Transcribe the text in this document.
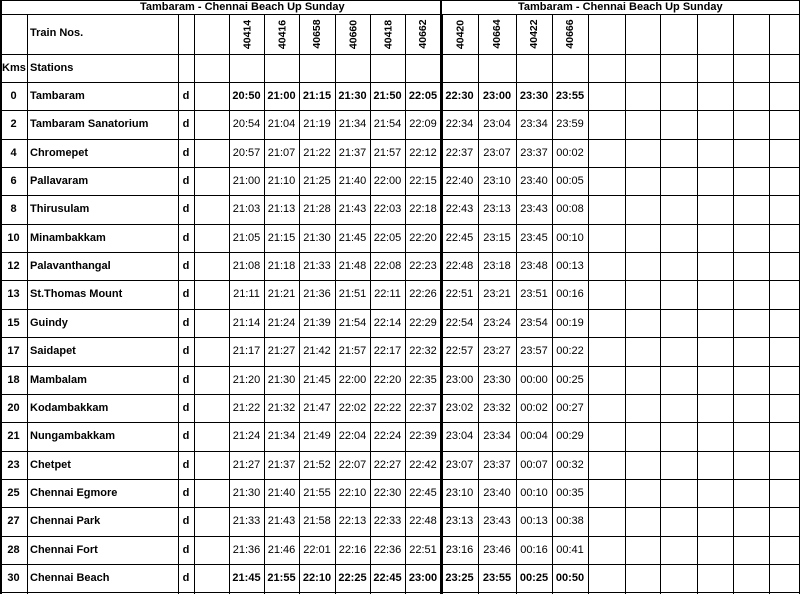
Tambaram - Chennai Beach Up Sunday	Tambaram - Chennai Beach Up Sunday
Train Nos.
Kms Stations
40414	40416	40658	40660	40418	40662	40420	40664	40422	40666
0	Tambaram	d	20:50 21:00 21:15 21:30 21:50 22:05 22:30 23:00 23:30 23:55
2	Tambaram Sanatorium	d	20:54 21:04 21:19 21:34 21:54 22:09 22:34 23:04 23:34 23:59
4	Chromepet	d	20:57 21:07 21:22 21:37 21:57 22:12 22:37 23:07 23:37 00:02
6	Pallavaram	d	21:00 21:10 21:25 21:40 22:00 22:15 22:40 23:10 23:40 00:05
8	Thirusulam	d	21:03 21:13 21:28 21:43 22:03 22:18 22:43 23:13 23:43 00:08
10 Minambakkam	d	21:05 21:15 21:30 21:45 22:05 22:20 22:45 23:15 23:45 00:10
12 Palavanthangal	d	21:08 21:18 21:33 21:48 22:08 22:23 22:48 23:18 23:48 00:13
13 St.Thomas Mount	d	21:11 21:21 21:36 21:51 22:11 22:26 22:51 23:21 23:51 00:16
15 Guindy	d	21:14 21:24 21:39 21:54 22:14 22:29 22:54 23:24 23:54 00:19
17 Saidapet	d	21:17 21:27 21:42 21:57 22:17 22:32 22:57 23:27 23:57 00:22
18 Mambalam	d	21:20 21:30 21:45 22:00 22:20 22:35 23:00 23:30 00:00 00:25
20 Kodambakkam	d	21:22 21:32 21:47 22:02 22:22 22:37 23:02 23:32 00:02 00:27
21 Nungambakkam	d	21:24 21:34 21:49 22:04 22:24 22:39 23:04 23:34 00:04 00:29
23 Chetpet	d	21:27 21:37 21:52 22:07 22:27 22:42 23:07 23:37 00:07 00:32
25 Chennai Egmore	d	21:30 21:40 21:55 22:10 22:30 22:45 23:10 23:40 00:10 00:35
27 Chennai Park	d	21:33 21:43 21:58 22:13 22:33 22:48 23:13 23:43 00:13 00:38
28 Chennai Fort	d	21:36 21:46 22:01 22:16 22:36 22:51 23:16 23:46 00:16 00:41
30 Chennai Beach	d	21:45 21:55 22:10 22:25 22:45 23:00 23:25 23:55 00:25 00:50
